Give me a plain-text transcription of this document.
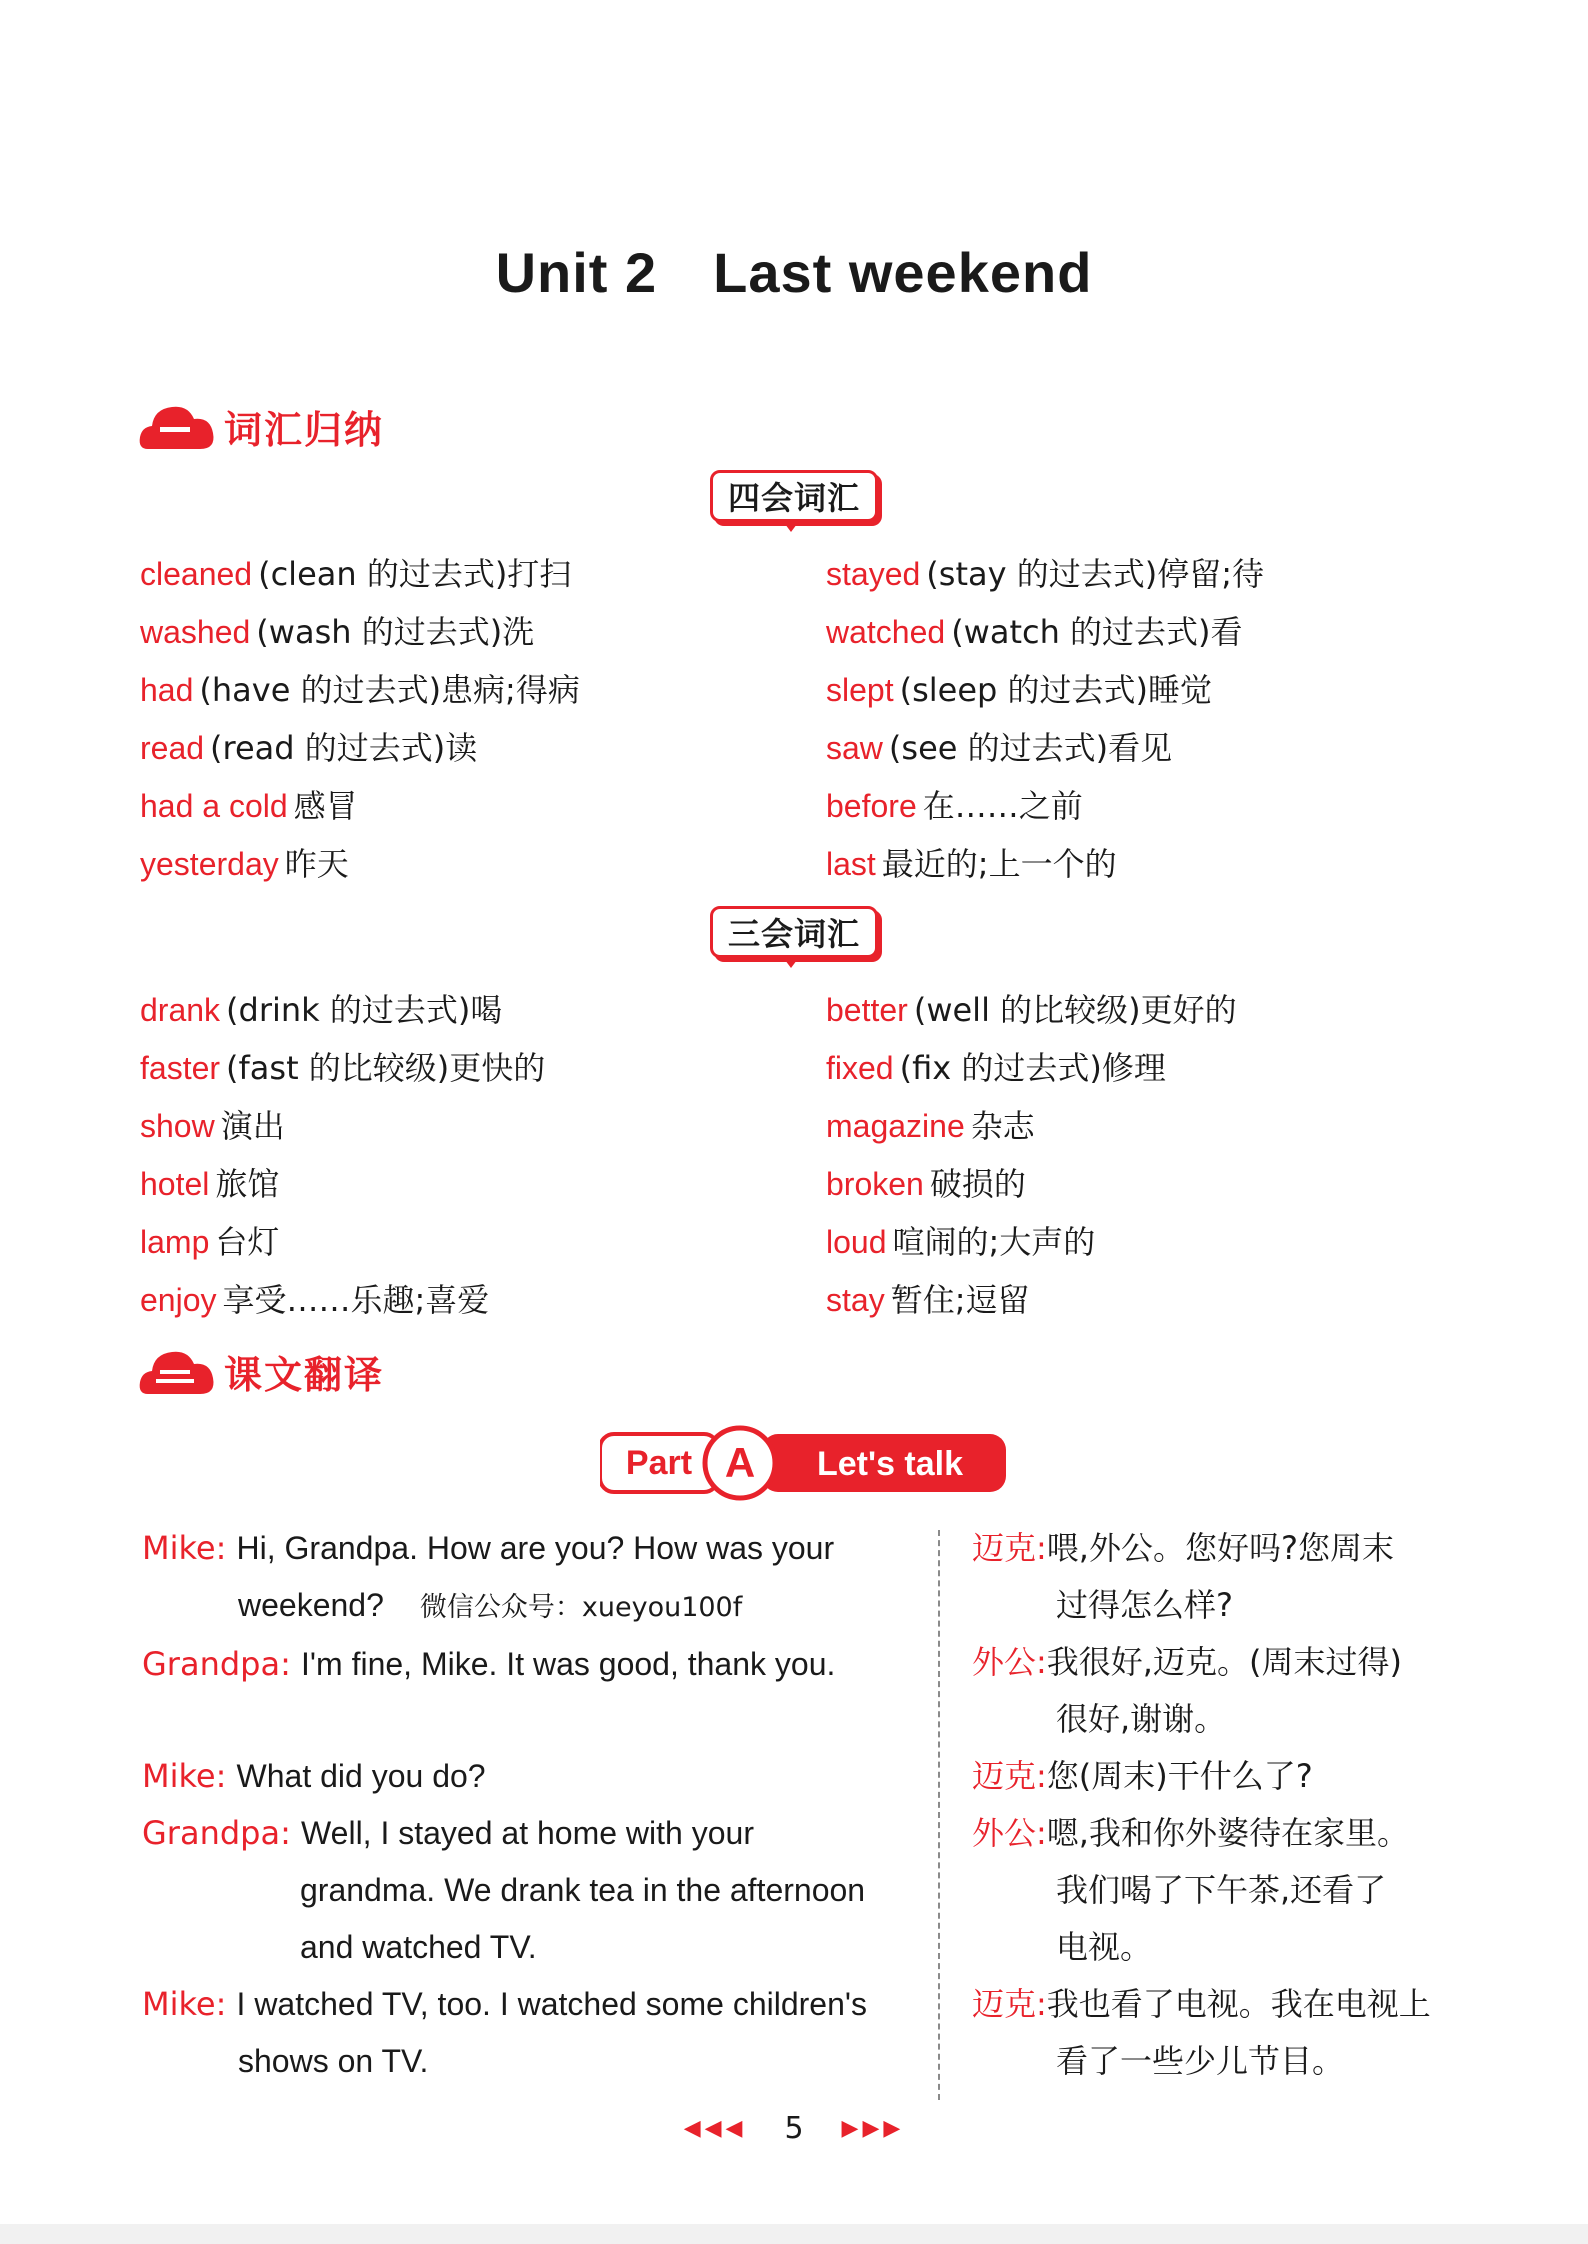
Unit 2 Last weekend
词汇归纳
四会词汇
cleaned (clean 的过去式)打扫
washed (wash 的过去式)洗
had (have 的过去式)患病;得病
read (read 的过去式)读
had a cold 感冒
yesterday 昨天
stayed (stay 的过去式)停留;待
watched (watch 的过去式)看
slept (sleep 的过去式)睡觉
saw (see 的过去式)看见
before 在……之前
last 最近的;上一个的
三会词汇
drank (drink 的过去式)喝
faster (fast 的比较级)更快的
show 演出
hotel 旅馆
lamp 台灯
enjoy 享受……乐趣;喜爱
better (well 的比较级)更好的
fixed (fix 的过去式)修理
magazine 杂志
broken 破损的
loud 喧闹的;大声的
stay 暂住;逗留
课文翻译
Part A Let's talk
Mike: Hi, Grandpa. How are you? How was your
weekend? 微信公众号：xueyou100f
Grandpa: I'm fine, Mike. It was good, thank you.
Mike: What did you do?
Grandpa: Well, I stayed at home with your
grandma. We drank tea in the afternoon
and watched TV.
Mike: I watched TV, too. I watched some children's
shows on TV.
迈克:喂,外公。您好吗?您周末
过得怎么样?
外公:我很好,迈克。(周末过得)
很好,谢谢。
迈克:您(周末)干什么了?
外公:嗯,我和你外婆待在家里。
我们喝了下午茶,还看了
电视。
迈克:我也看了电视。我在电视上
看了一些少儿节目。
◀◀◀ 5 ▶▶▶
